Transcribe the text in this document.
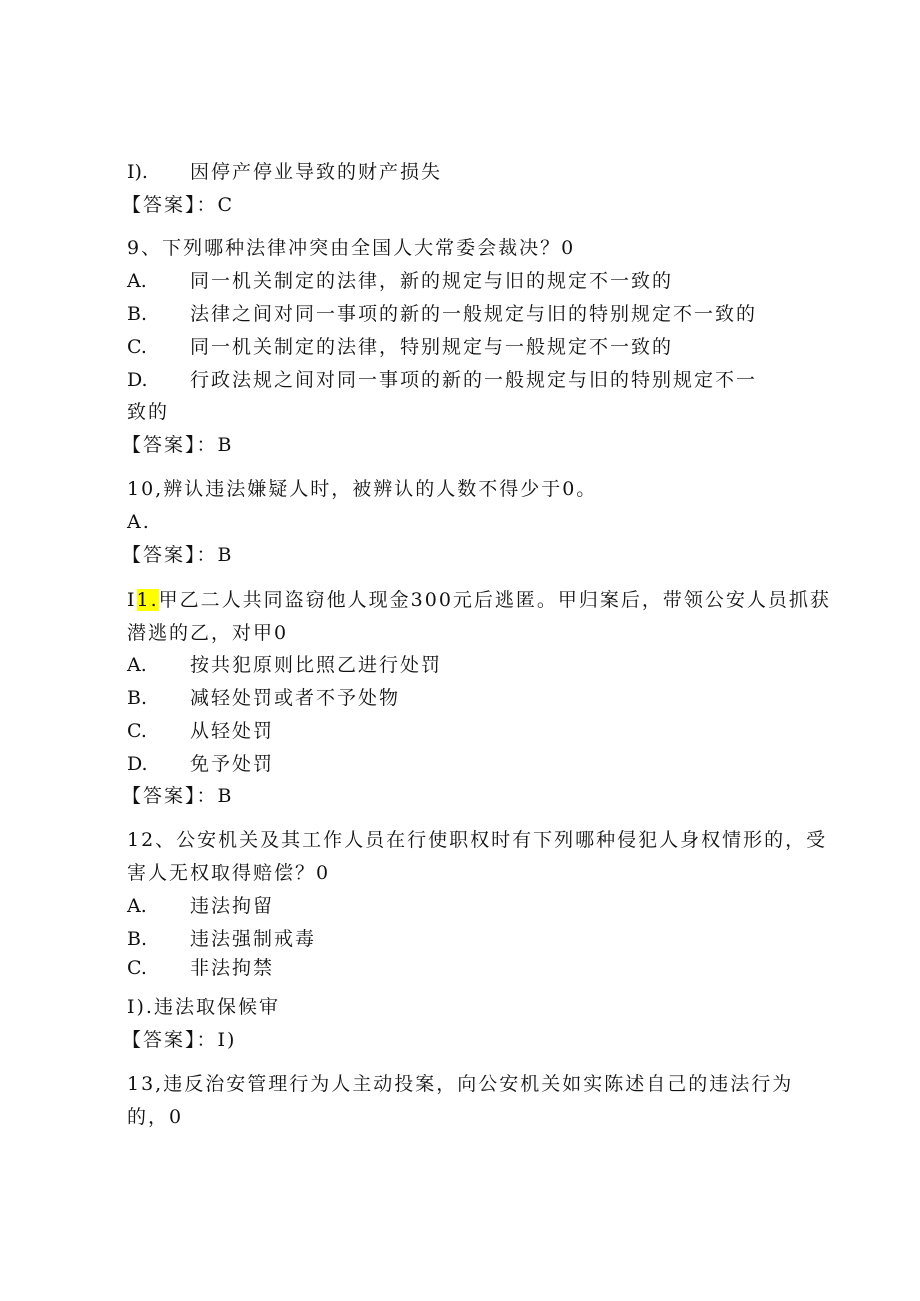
I). 因停产停业导致的财产损失
【答案】：C
9、下列哪种法律冲突由全国人大常委会裁决？0
A. 同一机关制定的法律，新的规定与旧的规定不一致的
B. 法律之间对同一事项的新的一般规定与旧的特别规定不一致的
C. 同一机关制定的法律，特别规定与一般规定不一致的
D. 行政法规之间对同一事项的新的一般规定与旧的特别规定不一
致的
【答案】：B
10,辨认违法嫌疑人时，被辨认的人数不得少于0。
A.
【答案】：B
I1.甲乙二人共同盗窃他人现金300元后逃匿。甲归案后，带领公安人员抓获
潜逃的乙，对甲0
A. 按共犯原则比照乙进行处罚
B. 减轻处罚或者不予处物
C. 从轻处罚
D. 免予处罚
【答案】：B
12、公安机关及其工作人员在行使职权时有下列哪种侵犯人身权情形的，受
害人无权取得赔偿？0
A. 违法拘留
B. 违法强制戒毒
C. 非法拘禁
I).违法取保候审
【答案】：I)
13,违反治安管理行为人主动投案，向公安机关如实陈述自己的违法行为
的，0
